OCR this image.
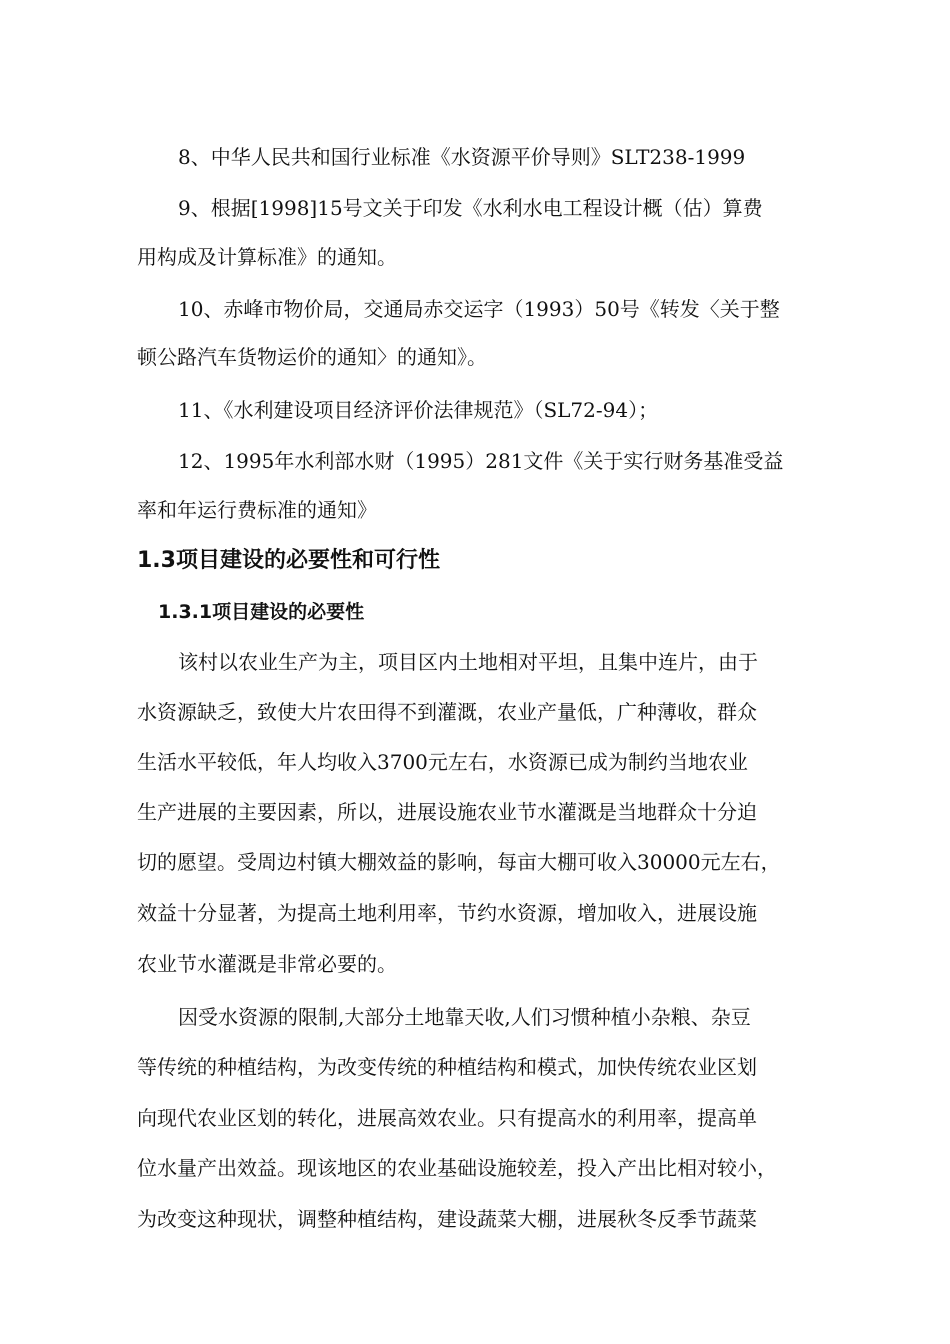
8、中华人民共和国行业标准《水资源平价导则》SLT238-1999
9、根据[1998]15号文关于印发《水利水电工程设计概（估）算费
用构成及计算标准》的通知。
10、赤峰市物价局，交通局赤交运字（1993）50号《转发〈关于整
顿公路汽车货物运价的通知〉的通知》。
11、《水利建设项目经济评价法律规范》（SL72-94）；
12、1995年水利部水财（1995）281文件《关于实行财务基准受益
率和年运行费标准的通知》
1.3项目建设的必要性和可行性
1.3.1项目建设的必要性
该村以农业生产为主，项目区内土地相对平坦，且集中连片，由于
水资源缺乏，致使大片农田得不到灌溉，农业产量低，广种薄收，群众
生活水平较低，年人均收入3700元左右，水资源已成为制约当地农业
生产进展的主要因素，所以，进展设施农业节水灌溉是当地群众十分迫
切的愿望。受周边村镇大棚效益的影响，每亩大棚可收入30000元左右，
效益十分显著，为提高土地利用率，节约水资源，增加收入，进展设施
农业节水灌溉是非常必要的。
因受水资源的限制,大部分土地靠天收,人们习惯种植小杂粮、杂豆
等传统的种植结构，为改变传统的种植结构和模式，加快传统农业区划
向现代农业区划的转化，进展高效农业。只有提高水的利用率，提高单
位水量产出效益。现该地区的农业基础设施较差，投入产出比相对较小，
为改变这种现状，调整种植结构，建设蔬菜大棚，进展秋冬反季节蔬菜
